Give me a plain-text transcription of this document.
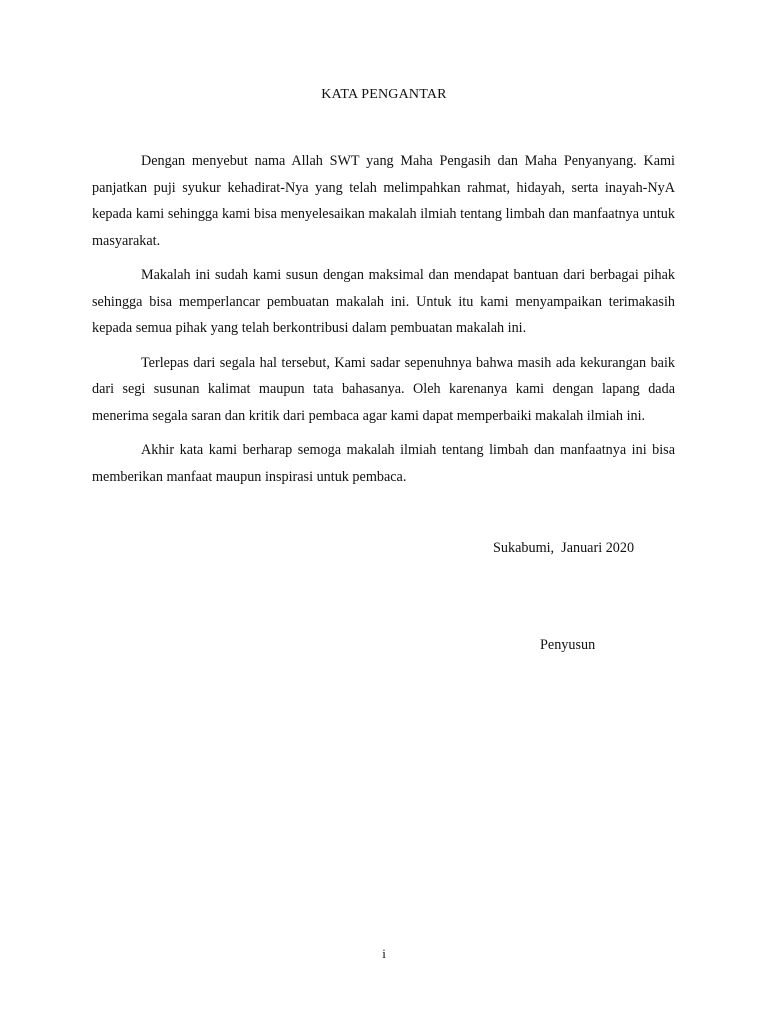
KATA PENGANTAR

Dengan menyebut nama Allah SWT yang Maha Pengasih dan Maha Penyanyang. Kami panjatkan puji syukur kehadirat-Nya yang telah melimpahkan rahmat, hidayah, serta inayah-NyA kepada kami sehingga kami bisa menyelesaikan makalah ilmiah tentang limbah dan manfaatnya untuk masyarakat.

Makalah ini sudah kami susun dengan maksimal dan mendapat bantuan dari berbagai pihak sehingga bisa memperlancar pembuatan makalah ini. Untuk itu kami menyampaikan terimakasih kepada semua pihak yang telah berkontribusi dalam pembuatan makalah ini.

Terlepas dari segala hal tersebut, Kami sadar sepenuhnya bahwa masih ada kekurangan baik dari segi susunan kalimat maupun tata bahasanya. Oleh karenanya kami dengan lapang dada menerima segala saran dan kritik dari pembaca agar kami dapat memperbaiki makalah ilmiah ini.

Akhir kata kami berharap semoga makalah ilmiah tentang limbah dan manfaatnya ini bisa memberikan manfaat maupun inspirasi untuk pembaca.

Sukabumi,  Januari 2020
Penyusun
i
